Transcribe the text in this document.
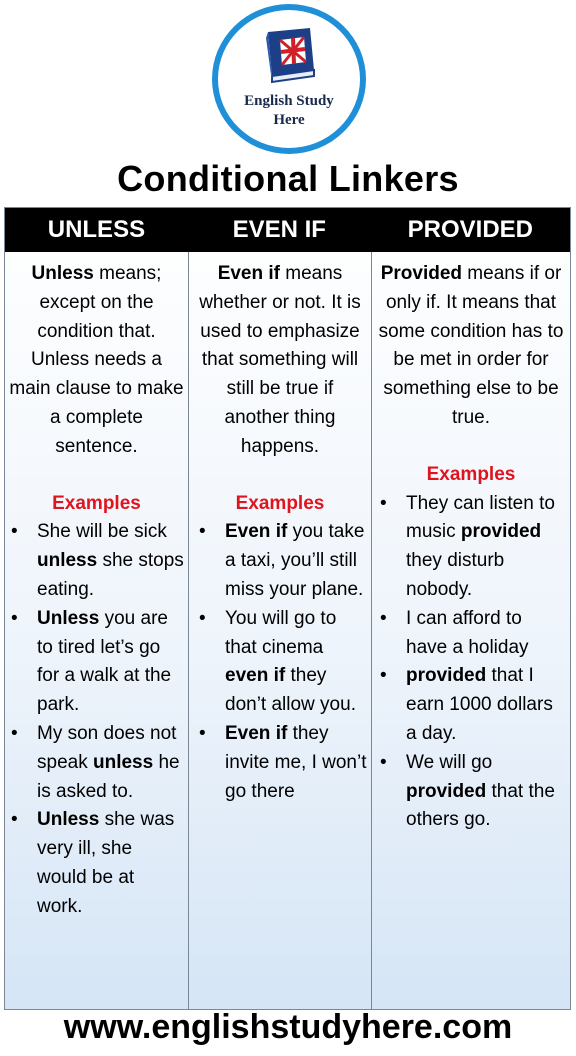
English Study
Here
Conditional Linkers
UNLESS	EVEN IF	PROVIDED
Unless means; except on the condition that. Unless needs a main clause to make a complete sentence.
Examples
• She will be sick unless she stops eating.
• Unless you are to tired let’s go for a walk at the park.
• My son does not speak unless he is asked to.
• Unless she was very ill, she would be at work.
Even if means whether or not. It is used to emphasize that something will still be true if another thing happens.
Examples
• Even if you take a taxi, you’ll still miss your plane.
• You will go to that cinema even if they don’t allow you.
• Even if they invite me, I won’t go there
Provided means if or only if. It means that some condition has to be met in order for something else to be true.
Examples
• They can listen to music provided they disturb nobody.
• I can afford to have a holiday
• provided that I earn 1000 dollars a day.
• We will go provided that the others go.
www.englishstudyhere.com
